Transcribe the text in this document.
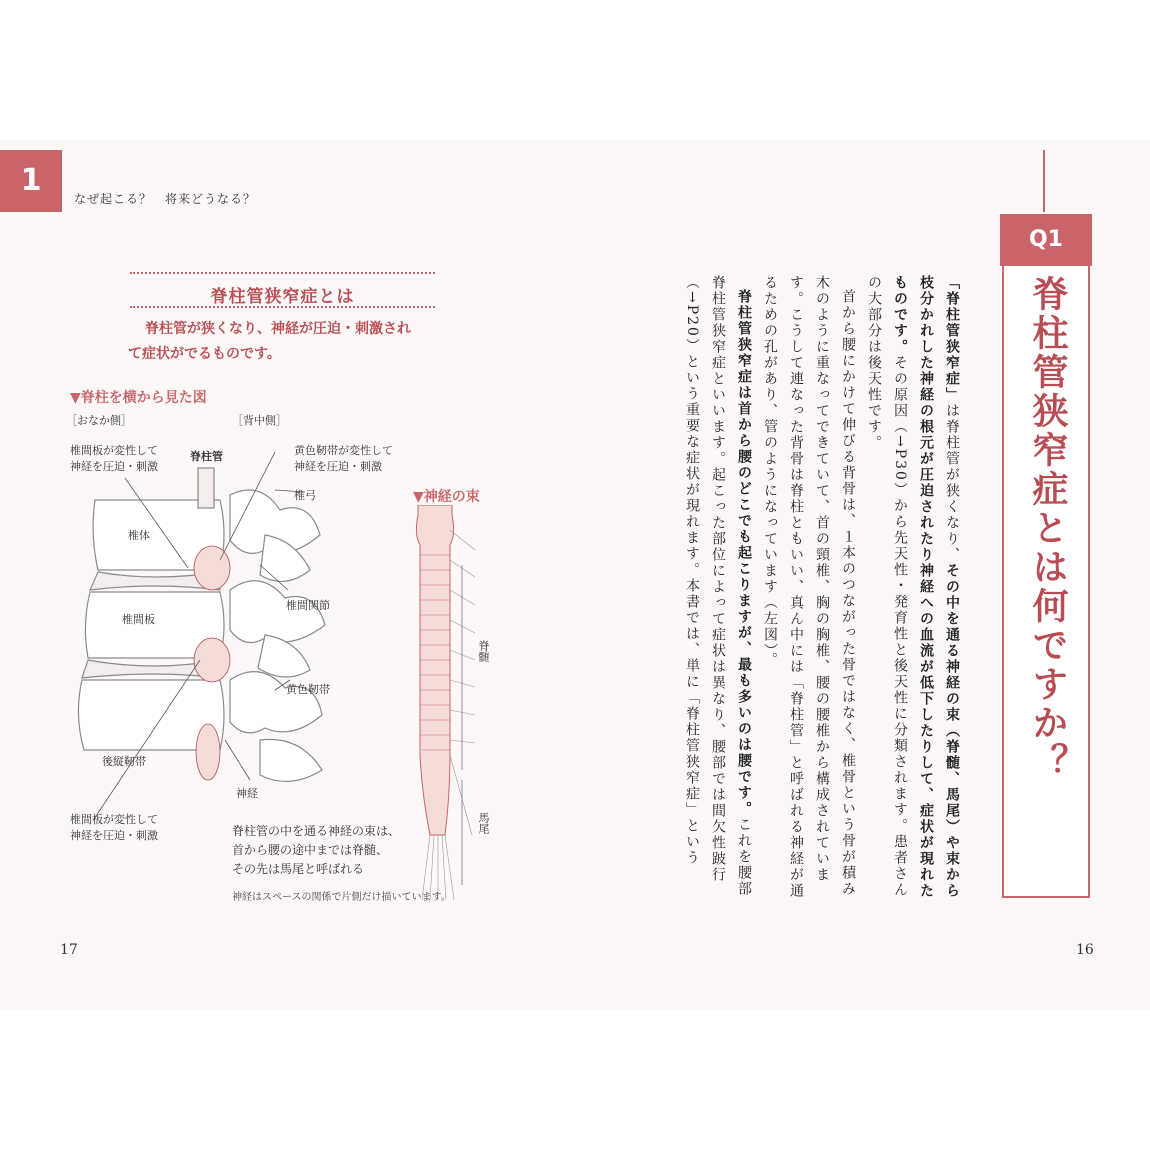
1
なぜ起こる？　将来どうなる？
脊柱管狭窄症とは
脊柱管が狭くなり、神経が圧迫・刺激され
て症状がでるものです。
▼脊柱を横から見た図
▼神経の束
［おなか側］	［背中側］
椎間板が変性して
神経を圧迫・刺激
脊柱管	黄色靭帯が変性して
神経を圧迫・刺激
椎弓
椎体
椎間板
椎間関節
黄色靭帯
後縦靭帯
神経
椎間板が変性して
神経を圧迫・刺激
脊髄
馬尾
脊柱管の中を通る神経の束は、
首から腰の途中までは脊髄、
その先は馬尾と呼ばれる
神経はスペースの関係で片側だけ描いています。
17
Q1
脊柱管狭窄症とは何ですか？

「脊柱管狭窄症」は脊柱管が狭くなり、その中を通る神経の束（脊髄、馬尾）や束から枝分かれした神経の根元が圧迫されたり神経への血流が低下したりして、症状が現れたものです。その原因（→P30）から先天性・発育性と後天性に分類されます。患者さんの大部分は後天性です。

首から腰にかけて伸びる背骨は、１本のつながった骨ではなく、椎骨という骨が積み木のように重なってできていて、首の頸椎、胸の胸椎、腰の腰椎から構成されています。こうして連なった背骨は脊柱ともいい、真ん中には「脊柱管」と呼ばれる神経が通るための孔があり、管のようになっています（左図）。

脊柱管狭窄症は首から腰のどこでも起こりますが、最も多いのは腰です。これを腰部脊柱管狭窄症といいます。起こった部位によって症状は異なり、腰部では間欠性跛行（→P20）という重要な症状が現れます。本書では、単に「脊柱管狭窄症」という

16
